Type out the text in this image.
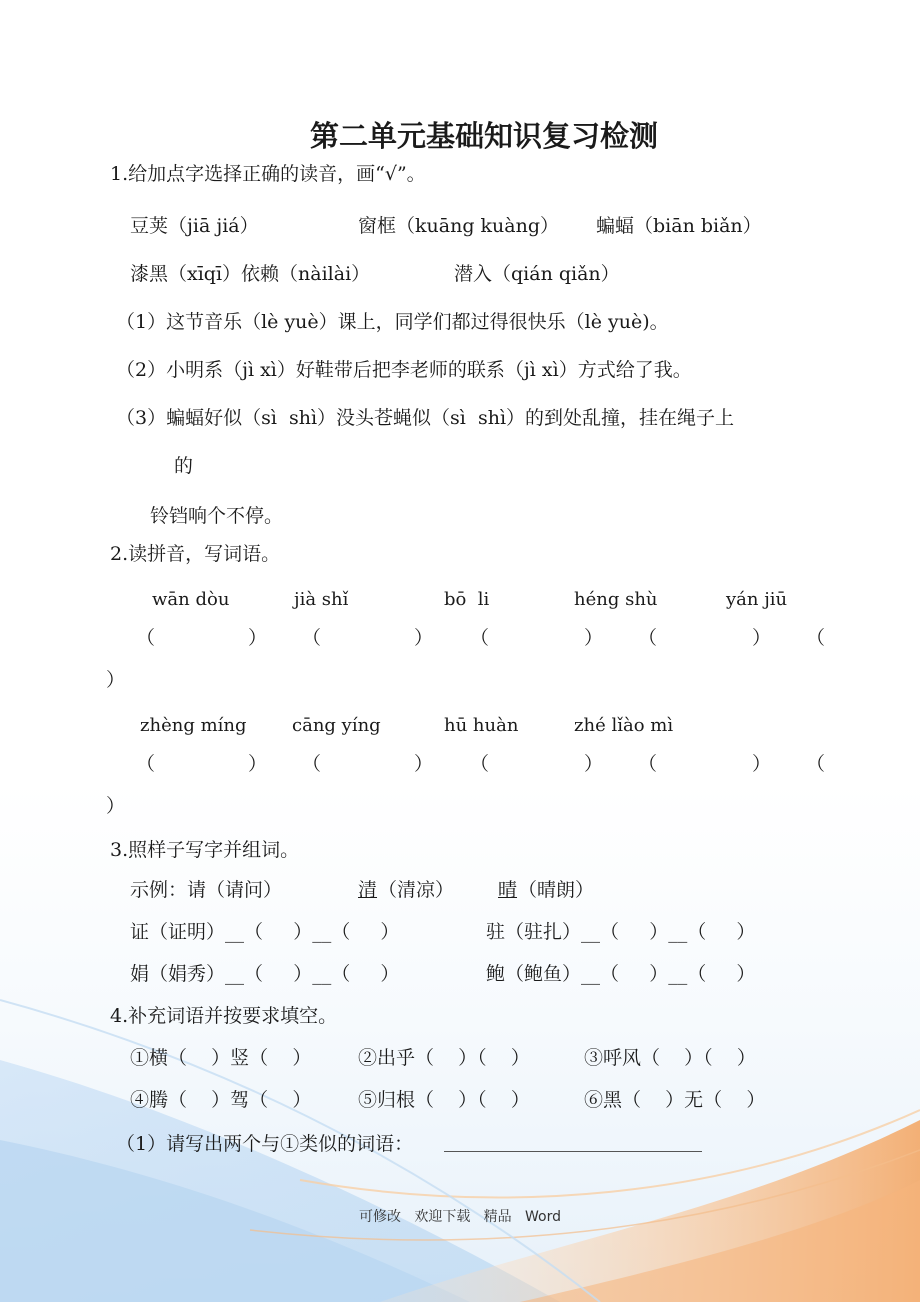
第二单元基础知识复习检测
1.给加点字选择正确的读音，画“√”。
豆荚（jiā jiá）	窗框（kuāng kuàng） 蝙蝠（biān biǎn）
漆黑（xīqī）依赖（nàilài）	潜入（qián qiǎn）
（1）这节音乐（lè yuè）课上，同学们都过得很快乐（lè yuè)。
（2）小明系（jì xì）好鞋带后把李老师的联系（jì xì）方式给了我。
（3）蝙蝠好似（sì  shì）没头苍蝇似（sì  shì）的到处乱撞，挂在绳子上
的
铃铛响个不停。
2.读拼音，写词语。
wān dòu	jià shǐ	bō  li	héng shù	yán jiū
（	） （	） （	） （	） （
）
zhèng míng	cāng yíng	hū huàn	zhé lǐào mì
（	） （	） （	） （	） （
）
3.照样子写字并组词。
示例：请（请问）	清 （清凉） 晴 （晴朗）
证（证明）__（     ）__（     ）	驻（驻扎）__（     ）__（     ）
娟（娟秀）__（     ）__（     ）	鲍（鲍鱼）__（     ）__（     ）
4.补充词语并按要求填空。
①横（    ）竖（    ） ②出乎（    ）（    ）	③呼风（    ）（    ）
④腾（    ）驾（    ） ⑤归根（    ）（    ）	⑥黑（    ）无（    ）
（1）请写出两个与①类似的词语：
可修改   欢迎下载   精品   Word
